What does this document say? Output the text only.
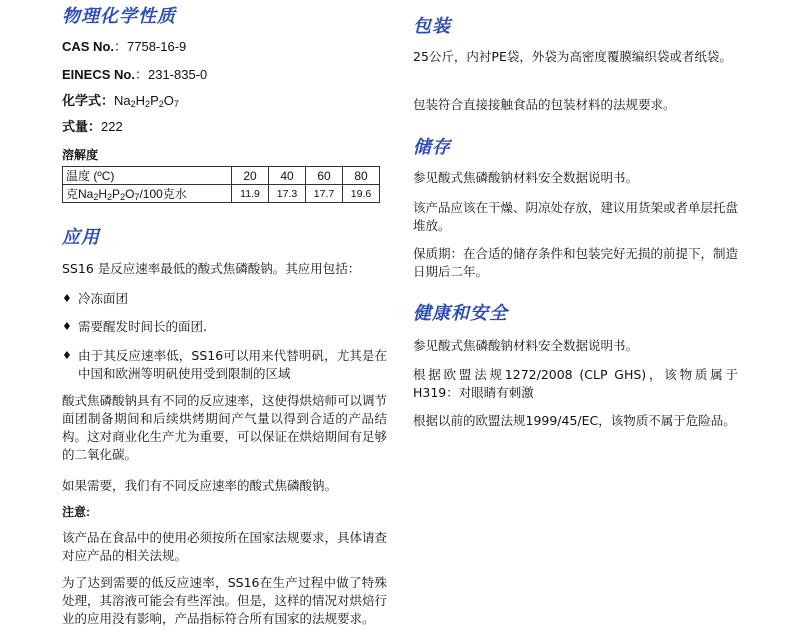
物理化学性质
CAS No.：7758-16-9
EINECS No.：231-835-0
化学式：$Na_2H_2P_2O_7$
式量：222
溶解度
温度 (ºC)	20	40	60	80
克$Na_2H_2P_2O_7/100$克水	11.9	17.3	17.7	19.6
应用

SS16 是反应速率最低的酸式焦磷酸钠。其应用包括：

♦ 冷冻面团

♦ 需要醒发时间长的面团.

♦ 由于其反应速率低，SS16可以用来代替明矾，尤其是在中国和欧洲等明矾使用受到限制的区域

酸式焦磷酸钠具有不同的反应速率，这使得烘焙师可以调节面团制备期间和后续烘烤期间产气量以得到合适的产品结构。这对商业化生产尤为重要，可以保证在烘焙期间有足够的二氧化碳。

如果需要，我们有不同反应速率的酸式焦磷酸钠。

注意:

该产品在食品中的使用必须按所在国家法规要求，具体请查对应产品的相关法规。

为了达到需要的低反应速率，SS16在生产过程中做了特殊处理，其溶液可能会有些浑浊。但是，这样的情况对烘焙行业的应用没有影响，产品指标符合所有国家的法规要求。

包装

25公斤，内衬PE袋，外袋为高密度覆膜编织袋或者纸袋。

包装符合直接接触食品的包装材料的法规要求。

储存

参见酸式焦磷酸钠材料安全数据说明书。

该产品应该在干燥、阴凉处存放，建议用货架或者单层托盘堆放。

保质期：在合适的储存条件和包装完好无损的前提下，制造日期后二年。

健康和安全

参见酸式焦磷酸钠材料安全数据说明书。

根据欧盟法规1272/2008 (CLP GHS)，该物质属于H319：对眼睛有刺激

根据以前的欧盟法规1999/45/EC，该物质不属于危险品。
